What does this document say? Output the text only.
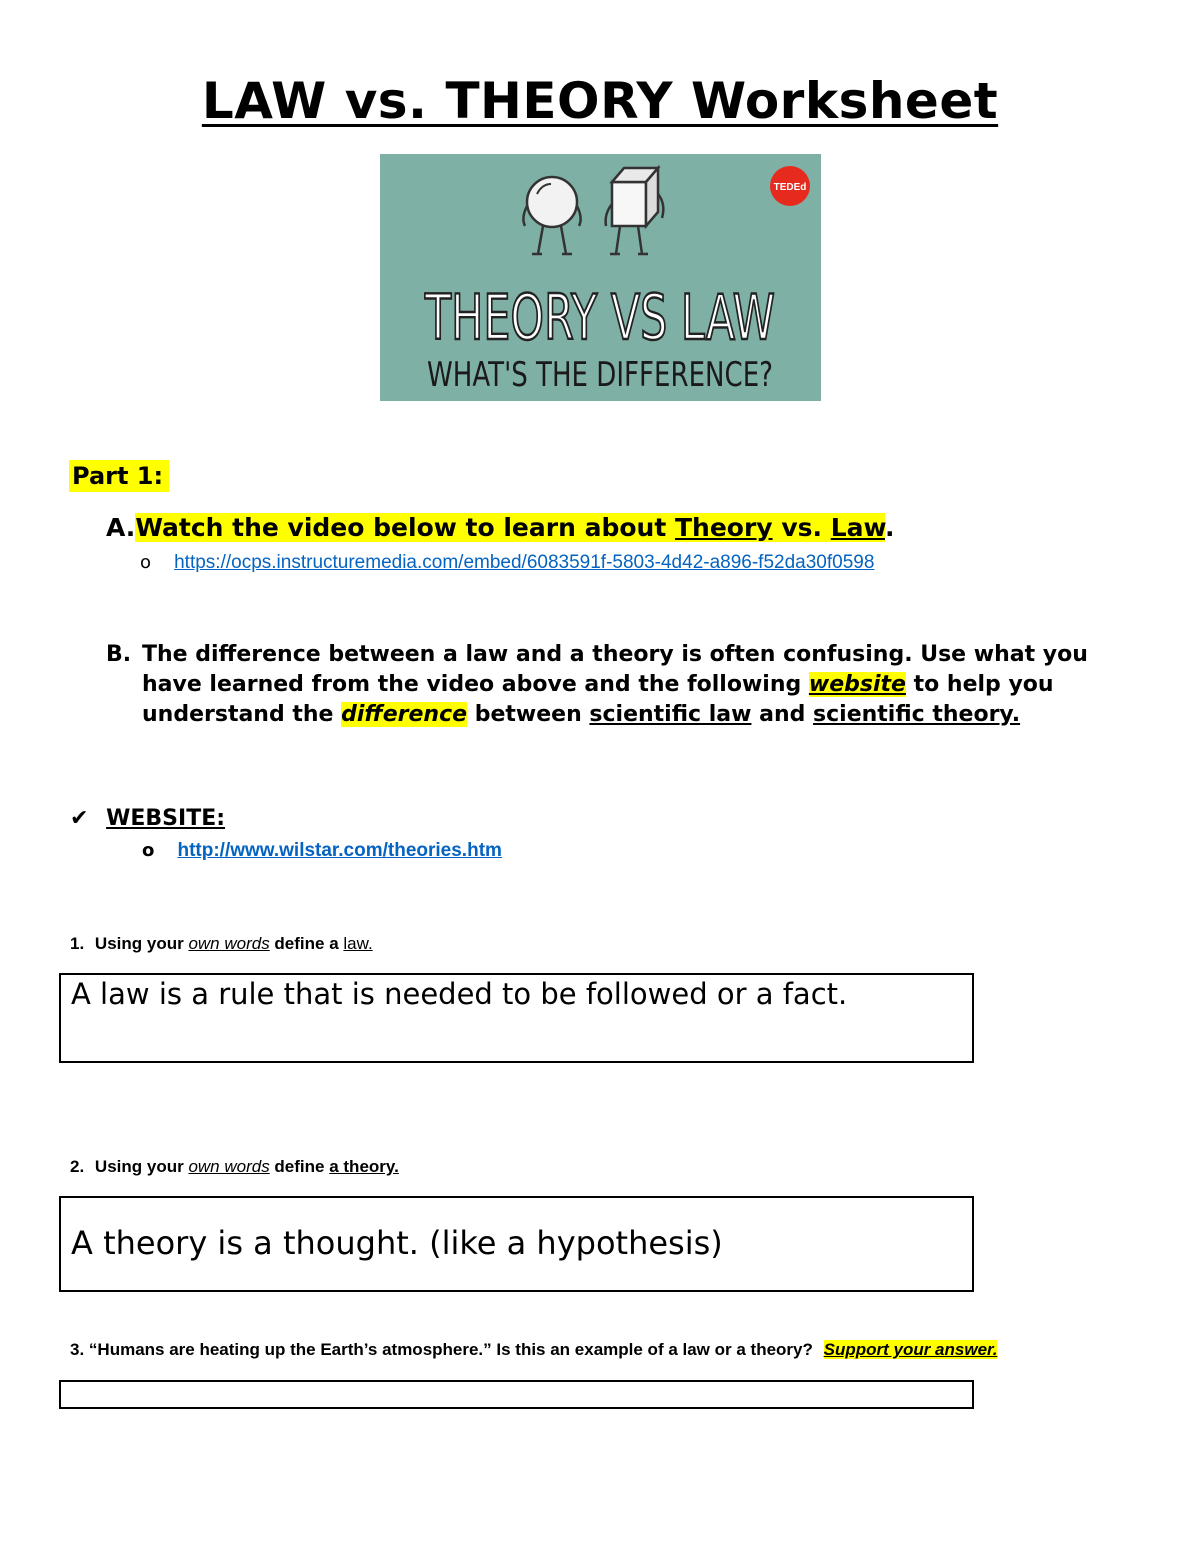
LAW vs. THEORY Worksheet
TEDEd
THEORY VS LAW
WHAT'S THE DIFFERENCE?
Part 1:
A.Watch the video below to learn about Theory vs. Law.
o https://ocps.instructuremedia.com/embed/6083591f-5803-4d42-a896-f52da30f0598
B. The difference between a law and a theory is often confusing. Use what you have learned from the video above and the following website to help you understand the difference between scientific law and scientific theory.
✔ WEBSITE:
o http://www.wilstar.com/theories.htm
1. Using your own words define a law.
A law is a rule that is needed to be followed or a fact.
2. Using your own words define a theory.
A theory is a thought. (like a hypothesis)
3. “Humans are heating up the Earth’s atmosphere.” Is this an example of a law or a theory? Support your answer.
